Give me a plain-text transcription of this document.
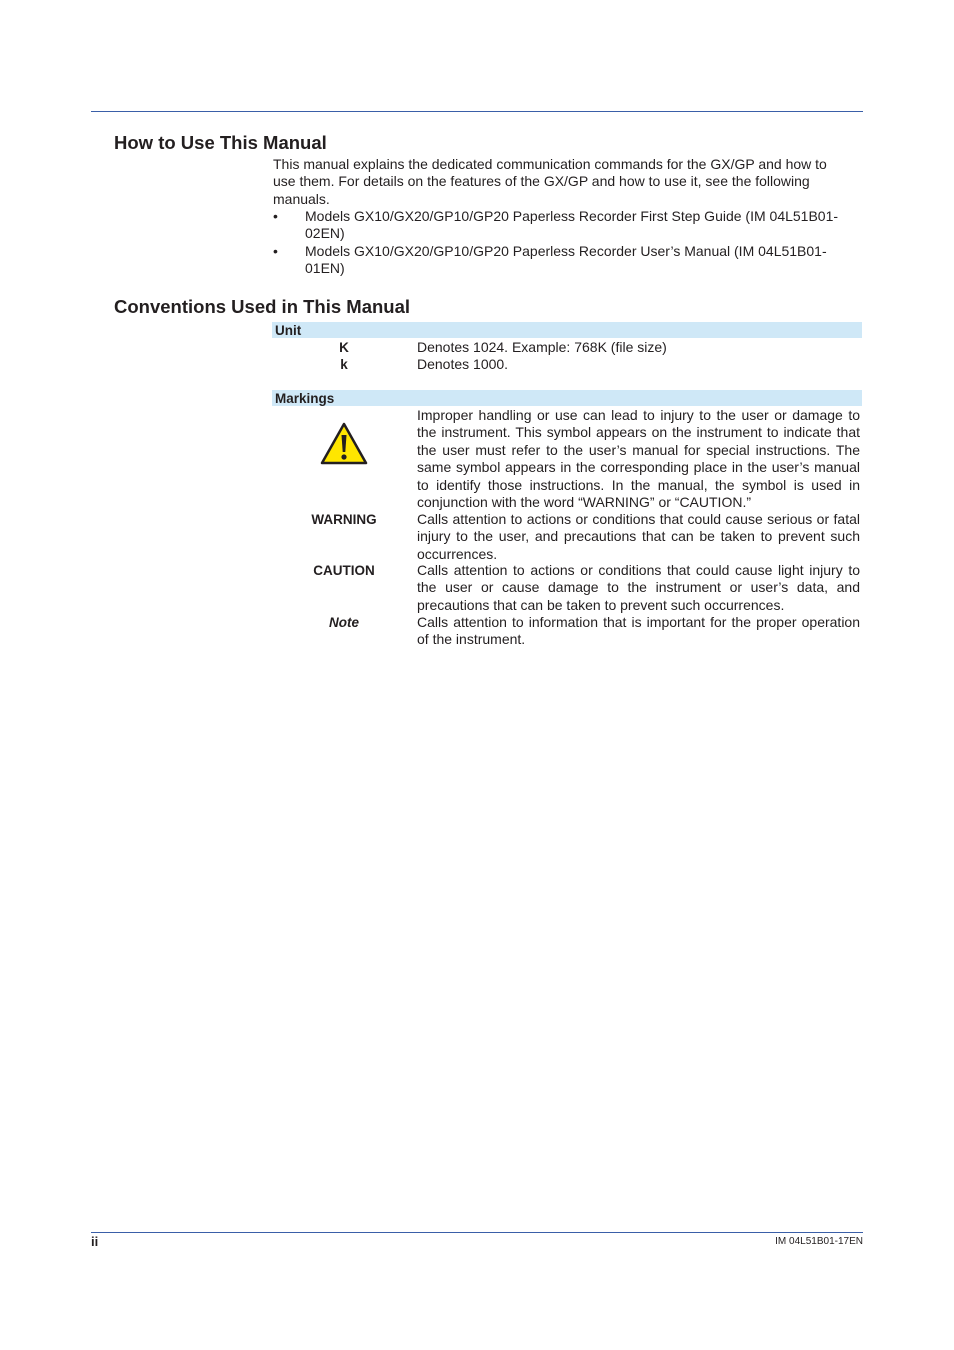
How to Use This Manual
This manual explains the dedicated communication commands for the GX/GP and how to use them. For details on the features of the GX/GP and how to use it, see the following manuals.
•	Models GX10/GX20/GP10/GP20 Paperless Recorder First Step Guide (IM 04L51B01-02EN)
•	Models GX10/GX20/GP10/GP20 Paperless Recorder User’s Manual (IM 04L51B01-01EN)
Conventions Used in This Manual
Unit
K	Denotes 1024. Example: 768K (file size)
k	Denotes 1000.
Markings
Improper handling or use can lead to injury to the user or damage to the instrument. This symbol appears on the instrument to indicate that the user must refer to the user’s manual for special instructions. The same symbol appears in the corresponding place in the user’s manual to identify those instructions. In the manual, the symbol is used in conjunction with the word “WARNING” or “CAUTION.”
WARNING	Calls attention to actions or conditions that could cause serious or fatal injury to the user, and precautions that can be taken to prevent such occurrences.
CAUTION	Calls attention to actions or conditions that could cause light injury to the user or cause damage to the instrument or user’s data, and precautions that can be taken to prevent such occurrences.
Note	Calls attention to information that is important for the proper operation of the instrument.
ii	IM 04L51B01-17EN
